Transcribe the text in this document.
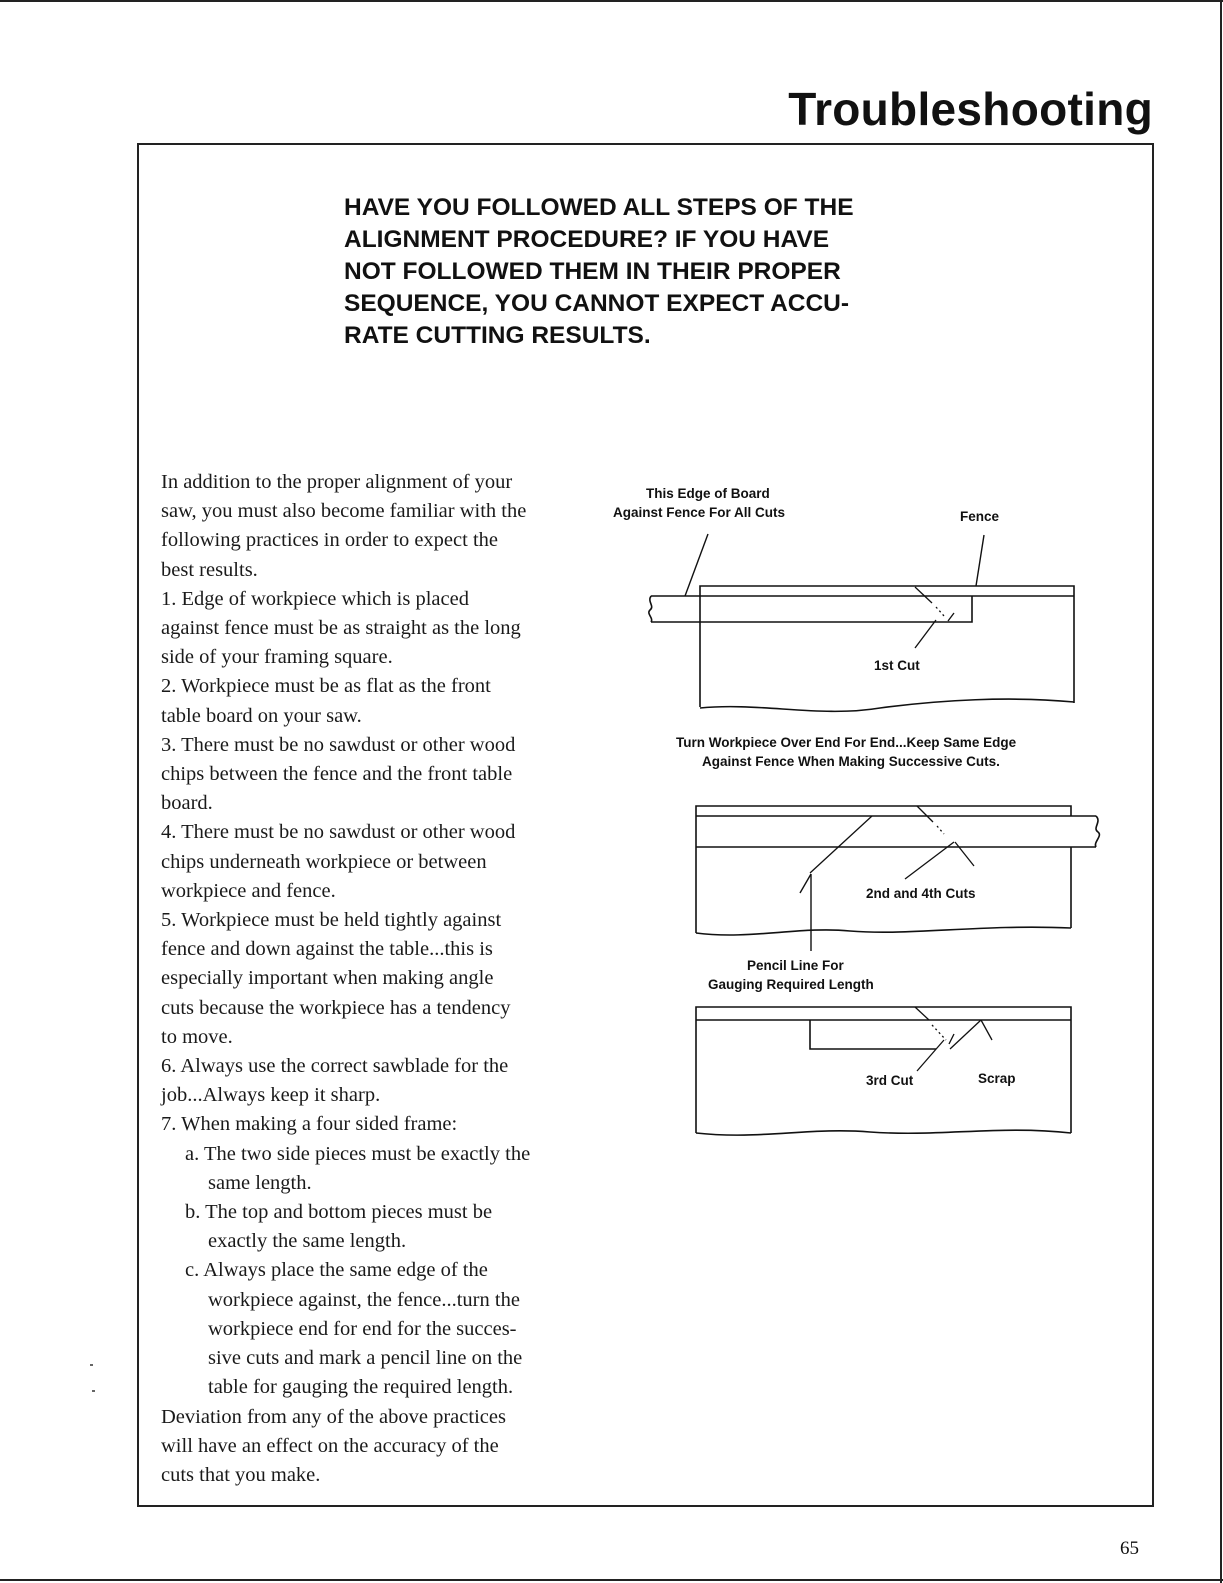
Troubleshooting
HAVE YOU FOLLOWED ALL STEPS OF THE
ALIGNMENT PROCEDURE? IF YOU HAVE
NOT FOLLOWED THEM IN THEIR PROPER
SEQUENCE, YOU CANNOT EXPECT ACCU-
RATE CUTTING RESULTS.
In addition to the proper alignment of your
saw, you must also become familiar with the
following practices in order to expect the
best results.
1. Edge of workpiece which is placed
against fence must be as straight as the long
side of your framing square.
2. Workpiece must be as flat as the front
table board on your saw.
3. There must be no sawdust or other wood
chips between the fence and the front table
board.
4. There must be no sawdust or other wood
chips underneath workpiece or between
workpiece and fence.
5. Workpiece must be held tightly against
fence and down against the table...this is
especially important when making angle
cuts because the workpiece has a tendency
to move.
6. Always use the correct sawblade for the
job...Always keep it sharp.
7. When making a four sided frame:
a. The two side pieces must be exactly the
same length.
b. The top and bottom pieces must be
exactly the same length.
c. Always place the same edge of the
workpiece against, the fence...turn the
workpiece end for end for the succes-
sive cuts and mark a pencil line on the
table for gauging the required length.
Deviation from any of the above practices
will have an effect on the accuracy of the
cuts that you make.
This Edge of Board
Against Fence For All Cuts	Fence
1st Cut
Turn Workpiece Over End For End...Keep Same Edge
Against Fence When Making Successive Cuts.
2nd and 4th Cuts
Pencil Line For
Gauging Required Length
3rd Cut	Scrap
65
